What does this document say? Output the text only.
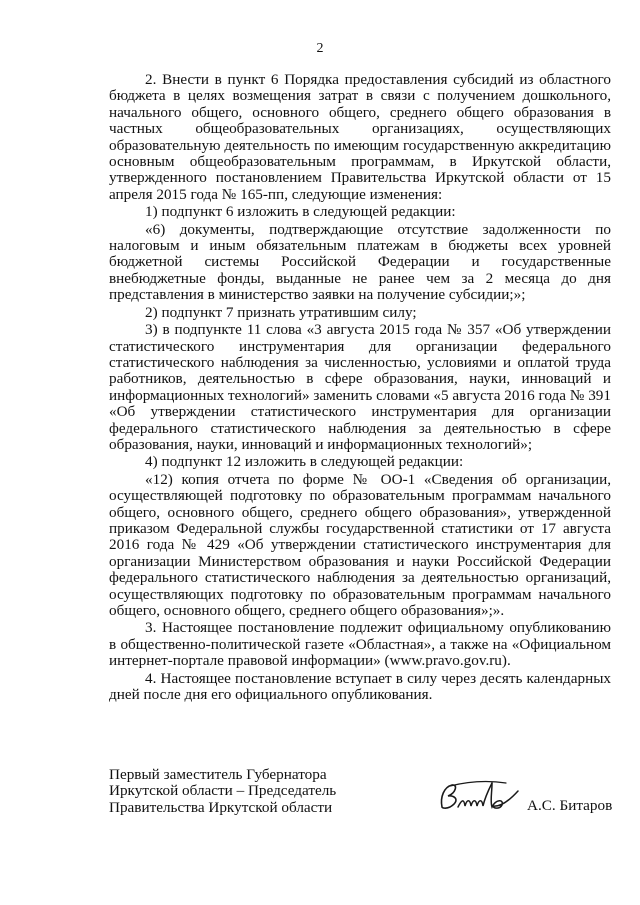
2

2. Внести в пункт 6 Порядка предоставления субсидий из областного бюджета в целях возмещения затрат в связи с получением дошкольного, начального общего, основного общего, среднего общего образования в частных общеобразовательных организациях, осуществляющих образовательную деятельность по имеющим государственную аккредитацию основным общеобразовательным программам, в Иркутской области, утвержденного постановлением Правительства Иркутской области от 15 апреля 2015 года № 165-пп, следующие изменения:

1) подпункт 6 изложить в следующей редакции:

«6) документы, подтверждающие отсутствие задолженности по налоговым и иным обязательным платежам в бюджеты всех уровней бюджетной системы Российской Федерации и государственные внебюджетные фонды, выданные не ранее чем за 2 месяца до дня представления в министерство заявки на получение субсидии;»;

2) подпункт 7 признать утратившим силу;

3) в подпункте 11 слова «3 августа 2015 года № 357 «Об утверждении статистического инструментария для организации федерального статистического наблюдения за численностью, условиями и оплатой труда работников, деятельностью в сфере образования, науки, инноваций и информационных технологий» заменить словами «5 августа 2016 года № 391 «Об утверждении статистического инструментария для организации федерального статистического наблюдения за деятельностью в сфере образования, науки, инноваций и информационных технологий»;

4) подпункт 12 изложить в следующей редакции:

«12) копия отчета по форме № ОО-1 «Сведения об организации, осуществляющей подготовку по образовательным программам начального общего, основного общего, среднего общего образования», утвержденной приказом Федеральной службы государственной статистики от 17 августа 2016 года № 429 «Об утверждении статистического инструментария для организации Министерством образования и науки Российской Федерации федерального статистического наблюдения за деятельностью организаций, осуществляющих подготовку по образовательным программам начального общего, основного общего, среднего общего образования»;».

3. Настоящее постановление подлежит официальному опубликованию в общественно-политической газете «Областная», а также на «Официальном интернет-портале правовой информации» (www.pravo.gov.ru).

4. Настоящее постановление вступает в силу через десять календарных дней после дня его официального опубликования.

Первый заместитель Губернатора
Иркутской области – Председатель
Правительства Иркутской области	А.С. Битаров
